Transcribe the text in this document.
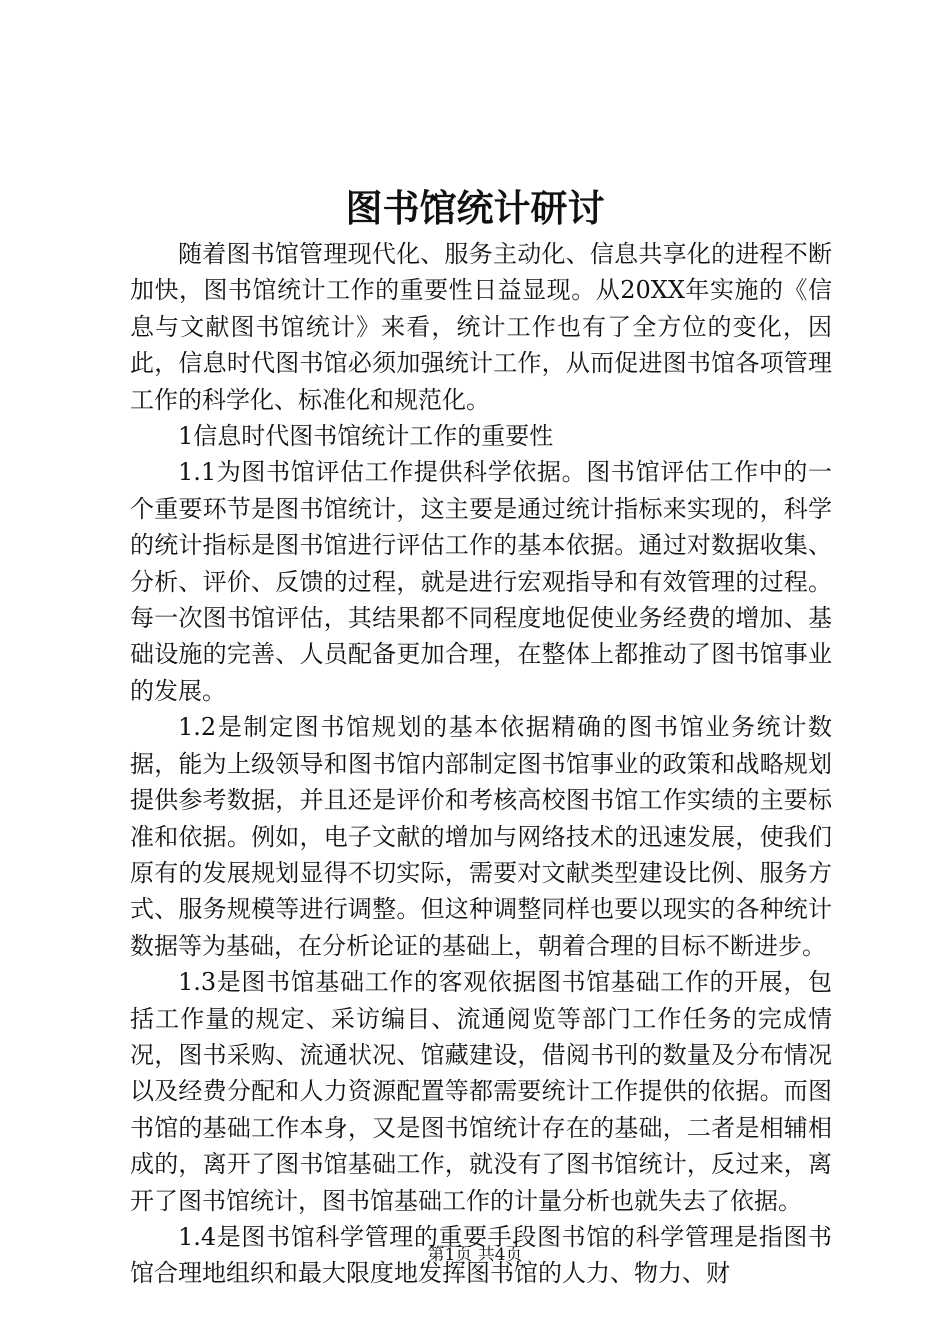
图书馆统计研讨

随着图书馆管理现代化、服务主动化、信息共享化的进程不断加快，图书馆统计工作的重要性日益显现。从20XX年实施的《信息与文献图书馆统计》来看，统计工作也有了全方位的变化，因此，信息时代图书馆必须加强统计工作，从而促进图书馆各项管理工作的科学化、标准化和规范化。

1信息时代图书馆统计工作的重要性

1.1为图书馆评估工作提供科学依据。图书馆评估工作中的一个重要环节是图书馆统计，这主要是通过统计指标来实现的，科学的统计指标是图书馆进行评估工作的基本依据。通过对数据收集、分析、评价、反馈的过程，就是进行宏观指导和有效管理的过程。每一次图书馆评估，其结果都不同程度地促使业务经费的增加、基础设施的完善、人员配备更加合理，在整体上都推动了图书馆事业的发展。

1.2是制定图书馆规划的基本依据精确的图书馆业务统计数据，能为上级领导和图书馆内部制定图书馆事业的政策和战略规划提供参考数据，并且还是评价和考核高校图书馆工作实绩的主要标准和依据。例如，电子文献的增加与网络技术的迅速发展，使我们原有的发展规划显得不切实际，需要对文献类型建设比例、服务方式、服务规模等进行调整。但这种调整同样也要以现实的各种统计数据等为基础，在分析论证的基础上，朝着合理的目标不断进步。

1.3是图书馆基础工作的客观依据图书馆基础工作的开展，包括工作量的规定、采访编目、流通阅览等部门工作任务的完成情况，图书采购、流通状况、馆藏建设，借阅书刊的数量及分布情况以及经费分配和人力资源配置等都需要统计工作提供的依据。而图书馆的基础工作本身，又是图书馆统计存在的基础，二者是相辅相成的，离开了图书馆基础工作，就没有了图书馆统计，反过来，离开了图书馆统计，图书馆基础工作的计量分析也就失去了依据。

1.4是图书馆科学管理的重要手段图书馆的科学管理是指图书馆合理地组织和最大限度地发挥图书馆的人力、物力、财

第1页 共4页
